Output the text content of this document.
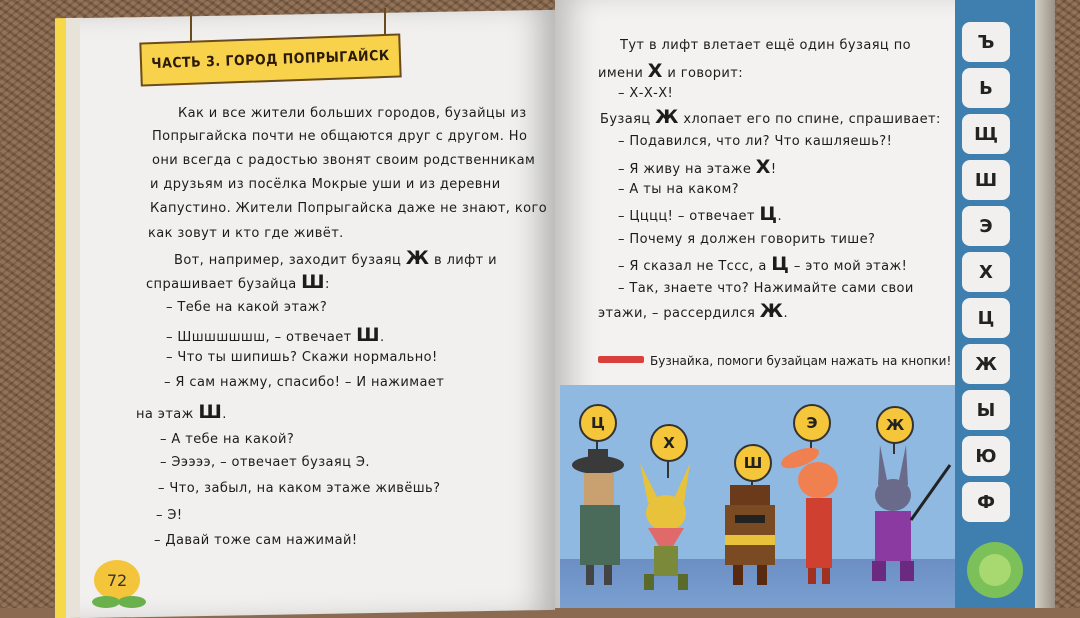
ЧАСТЬ 3. ГОРОД ПОПРЫГАЙСК
Как и все жители больших городов, бузайцы из
Попрыгайска почти не общаются друг с другом. Но
они всегда с радостью звонят своим родственникам
и друзьям из посёлка Мокрые уши и из деревни
Капустино. Жители Попрыгайска даже не знают, кого
как зовут и кто где живёт.
Вот, например, заходит бузаяц Ж в лифт и
спрашивает бузайца Ш:
– Тебе на какой этаж?
– Шшшшшшш, – отвечает Ш.
– Что ты шипишь? Скажи нормально!
– Я сам нажму, спасибо! – И нажимает
на этаж Ш.
– А тебе на какой?
– Эээээ, – отвечает бузаяц Э.
– Что, забыл, на каком этаже живёшь?
– Э!
– Давай тоже сам нажимай!
72
Тут в лифт влетает ещё один бузаяц по
имени Х и говорит:
– Х-Х-Х!
Бузаяц Ж хлопает его по спине, спрашивает:
– Подавился, что ли? Что кашляешь?!
– Я живу на этаже Х!
– А ты на каком?
– Цццц! – отвечает Ц.
– Почему я должен говорить тише?
– Я сказал не Тссс, а Ц – это мой этаж!
– Так, знаете что? Нажимайте сами свои
этажи, – рассердился Ж.
Бузнайка, помоги бузайцам нажать на кнопки!
Ц
Х
Ш
Э	Ж
Ъ
Ь
Щ
Ш
Э
Х
Ц
Ж
Ы
Ю
Ф
